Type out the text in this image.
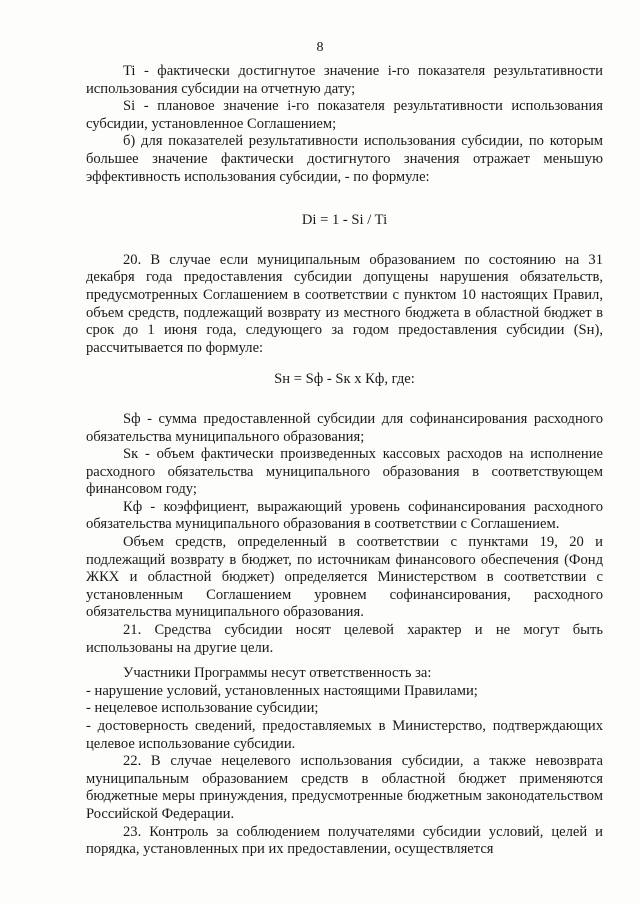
8

Ti - фактически достигнутое значение i-го показателя результативности использования субсидии на отчетную дату;

Si - плановое значение i-го показателя результативности использования субсидии, установленное Соглашением;

б) для показателей результативности использования субсидии, по которым большее значение фактически достигнутого значения отражает меньшую эффективность использования субсидии, - по формуле:

Di = 1 - Si / Ti

20. В случае если муниципальным образованием по состоянию на 31 декабря года предоставления субсидии допущены нарушения обязательств, предусмотренных Соглашением в соответствии с пунктом 10 настоящих Правил, объем средств, подлежащий возврату из местного бюджета в областной бюджет в срок до 1 июня года, следующего за годом предоставления субсидии (Sн), рассчитывается по формуле:

Sн = Sф - Sк х Кф, где:

Sф - сумма предоставленной субсидии для софинансирования расходного обязательства муниципального образования;

Sк - объем фактически произведенных кассовых расходов на исполнение расходного обязательства муниципального образования в соответствующем финансовом году;

Кф - коэффициент, выражающий уровень софинансирования расходного обязательства муниципального образования в соответствии с Соглашением.

Объем средств, определенный в соответствии с пунктами 19, 20 и подлежащий возврату в бюджет, по источникам финансового обеспечения (Фонд ЖКХ и областной бюджет) определяется Министерством в соответствии с установленным Соглашением уровнем софинансирования, расходного обязательства муниципального образования.

21. Средства субсидии носят целевой характер и не могут быть использованы на другие цели.

Участники Программы несут ответственность за:

- нарушение условий, установленных настоящими Правилами;

- нецелевое использование субсидии;

- достоверность сведений, предоставляемых в Министерство, подтверждающих целевое использование субсидии.

22. В случае нецелевого использования субсидии, а также невозврата муниципальным образованием средств в областной бюджет применяются бюджетные меры принуждения, предусмотренные бюджетным законодательством Российской Федерации.

23. Контроль за соблюдением получателями субсидии условий, целей и порядка, установленных при их предоставлении, осуществляется
